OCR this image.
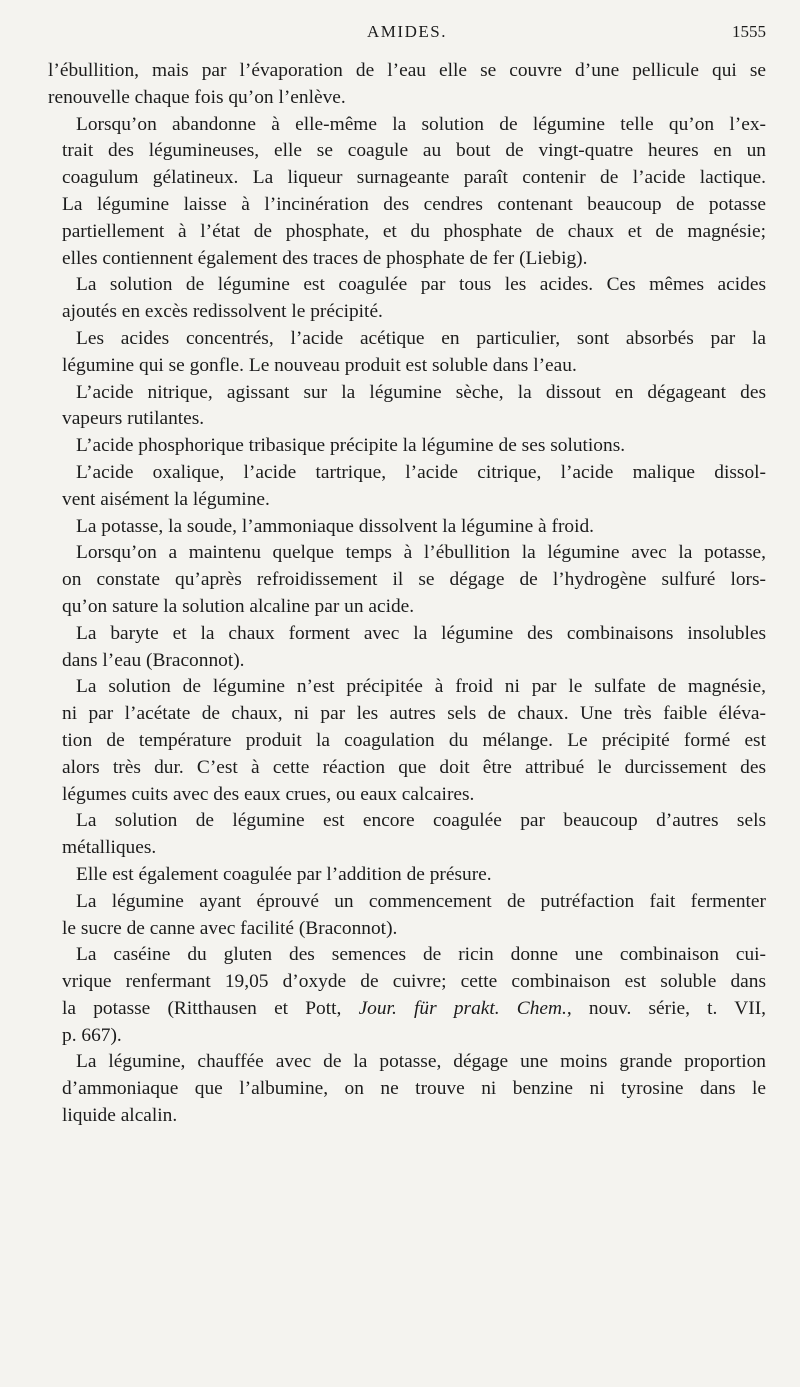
AMIDES.	1555

l’ébullition, mais par l’évaporation de l’eau elle se couvre d’une pellicule qui se
renouvelle chaque fois qu’on l’enlève.

Lorsqu’on abandonne à elle-même la solution de légumine telle qu’on l’ex-
trait des légumineuses, elle se coagule au bout de vingt-quatre heures en un
coagulum gélatineux. La liqueur surnageante paraît contenir de l’acide lactique.
La légumine laisse à l’incinération des cendres contenant beaucoup de potasse
partiellement à l’état de phosphate, et du phosphate de chaux et de magnésie;
elles contiennent également des traces de phosphate de fer (Liebig).

La solution de légumine est coagulée par tous les acides. Ces mêmes acides
ajoutés en excès redissolvent le précipité.

Les acides concentrés, l’acide acétique en particulier, sont absorbés par la
légumine qui se gonfle. Le nouveau produit est soluble dans l’eau.

L’acide nitrique, agissant sur la légumine sèche, la dissout en dégageant des
vapeurs rutilantes.

L’acide phosphorique tribasique précipite la légumine de ses solutions.

L’acide oxalique, l’acide tartrique, l’acide citrique, l’acide malique dissol-
vent aisément la légumine.

La potasse, la soude, l’ammoniaque dissolvent la légumine à froid.

Lorsqu’on a maintenu quelque temps à l’ébullition la légumine avec la potasse,
on constate qu’après refroidissement il se dégage de l’hydrogène sulfuré lors-
qu’on sature la solution alcaline par un acide.

La baryte et la chaux forment avec la légumine des combinaisons insolubles
dans l’eau (Braconnot).

La solution de légumine n’est précipitée à froid ni par le sulfate de magnésie,
ni par l’acétate de chaux, ni par les autres sels de chaux. Une très faible éléva-
tion de température produit la coagulation du mélange. Le précipité formé est
alors très dur. C’est à cette réaction que doit être attribué le durcissement des
légumes cuits avec des eaux crues, ou eaux calcaires.

La solution de légumine est encore coagulée par beaucoup d’autres sels
métalliques.

Elle est également coagulée par l’addition de présure.

La légumine ayant éprouvé un commencement de putréfaction fait fermenter
le sucre de canne avec facilité (Braconnot).

La caséine du gluten des semences de ricin donne une combinaison cui-
vrique renfermant 19,05 d’oxyde de cuivre; cette combinaison est soluble dans
la potasse (Ritthausen et Pott, Jour. für prakt. Chem., nouv. série, t. VII,
p. 667).

La légumine, chauffée avec de la potasse, dégage une moins grande proportion
d’ammoniaque que l’albumine, on ne trouve ni benzine ni tyrosine dans le
liquide alcalin.
